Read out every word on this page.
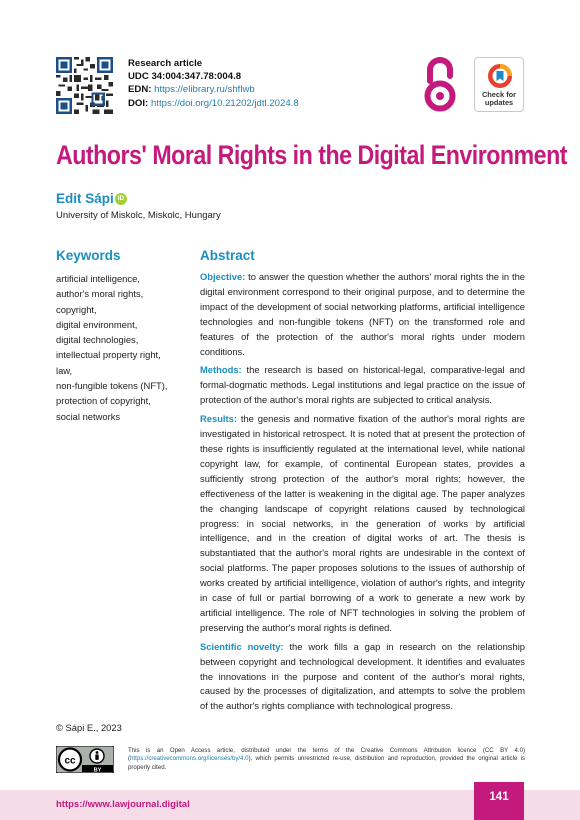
Research article
UDC 34:004:347.78:004.8
EDN: https://elibrary.ru/shflwb
DOI: https://doi.org/10.21202/jdtl.2024.8
Check for updates
Authors' Moral Rights in the Digital Environment
Edit Sápi iD
University of Miskolc, Miskolc, Hungary
Keywords
artificial intelligence,
author's moral rights,
copyright,
digital environment,
digital technologies,
intellectual property right,
law,
non-fungible tokens (NFT),
protection of copyright,
social networks
Abstract

Objective: to answer the question whether the authors' moral rights the in the digital environment correspond to their original purpose, and to determine the impact of the development of social networking platforms, artificial intelligence technologies and non-fungible tokens (NFT) on the transformed role and features of the protection of the author's moral rights under modern conditions.

Methods: the research is based on historical-legal, comparative-legal and formal-dogmatic methods. Legal institutions and legal practice on the issue of protection of the author's moral rights are subjected to critical analysis.

Results: the genesis and normative fixation of the author's moral rights are investigated in historical retrospect. It is noted that at present the protection of these rights is insufficiently regulated at the international level, while national copyright law, for example, of continental European states, provides a sufficiently strong protection of the author's moral rights; however, the effectiveness of the latter is weakening in the digital age. The paper analyzes the changing landscape of copyright relations caused by technological progress: in social networks, in the generation of works by artificial intelligence, and in the creation of digital works of art. The thesis is substantiated that the author's moral rights are undesirable in the context of social platforms. The paper proposes solutions to the issues of authorship of works created by artificial intelligence, violation of author's rights, and integrity in case of full or partial borrowing of a work to generate a new work by artificial intelligence. The role of NFT technologies in solving the problem of preserving the author's moral rights is defined.

Scientific novelty: the work fills a gap in research on the relationship between copyright and technological development. It identifies and evaluates the innovations in the purpose and content of the author's moral rights, caused by the processes of digitalization, and attempts to solve the problem of the author's rights compliance with technological progress.

© Sápi E., 2023
cc
BY
This is an Open Access article, distributed under the terms of the Creative Commons Attribution licence (CC BY 4.0) (https://creativecommons.org/licenses/by/4.0), which permits unrestricted re-use, distribution and reproduction, provided the original article is properly cited.
https://www.lawjournal.digital
141
